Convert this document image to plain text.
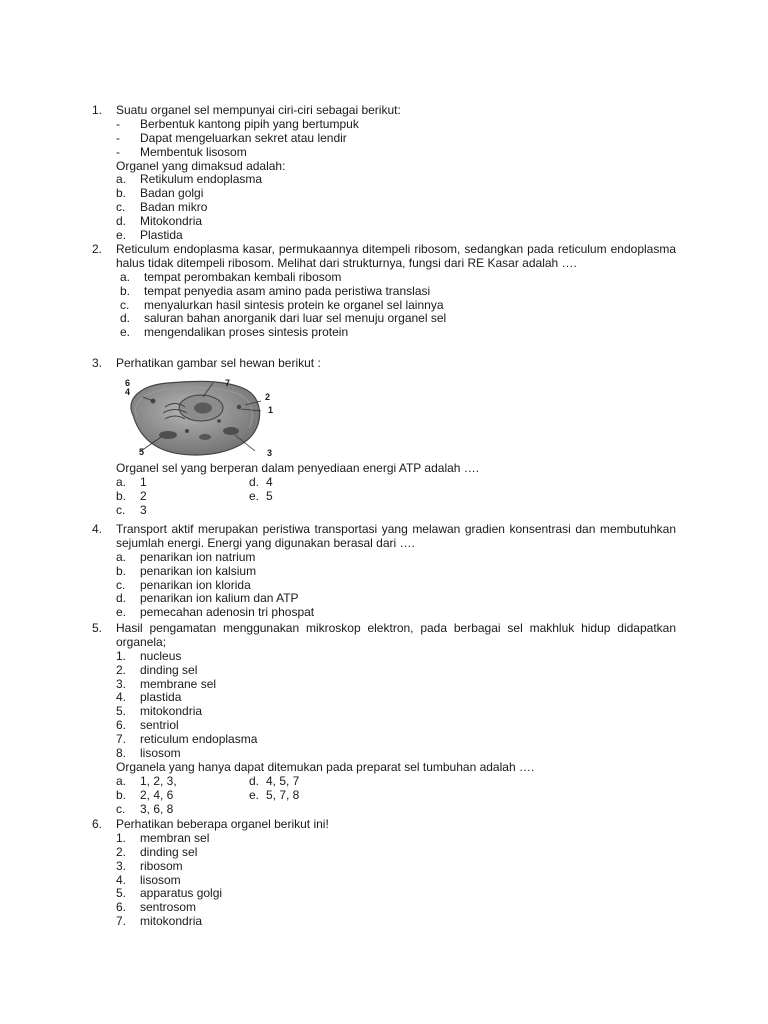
1. Suatu organel sel mempunyai ciri-ciri sebagai berikut:
- Berbentuk kantong pipih yang bertumpuk
- Dapat mengeluarkan sekret atau lendir
- Membentuk lisosom
Organel yang dimaksud adalah:
a. Retikulum endoplasma
b. Badan golgi
c. Badan mikro
d. Mitokondria
e. Plastida
2. Reticulum endoplasma kasar, permukaannya ditempeli ribosom, sedangkan pada reticulum endoplasma halus tidak ditempeli ribosom. Melihat dari strukturnya, fungsi dari RE Kasar adalah ….
a. tempat perombakan kembali ribosom
b. tempat penyedia asam amino pada peristiwa translasi
c. menyalurkan hasil sintesis protein ke organel sel lainnya
d. saluran bahan anorganik dari luar sel menuju organel sel
e. mengendalikan proses sintesis protein
3. Perhatikan gambar sel hewan berikut :
6
4
7
2
1
5	3
Organel sel yang berperan dalam penyediaan energi ATP adalah ….
a. 1	d. 4
b. 2	e. 5
c. 3
4. Transport aktif merupakan peristiwa transportasi yang melawan gradien konsentrasi dan membutuhkan sejumlah energi. Energi yang digunakan berasal dari ….
a. penarikan ion natrium
b. penarikan ion kalsium
c. penarikan ion klorida
d. penarikan ion kalium dan ATP
e. pemecahan adenosin tri phospat
5. Hasil pengamatan menggunakan mikroskop elektron, pada berbagai sel makhluk hidup didapatkan organela;
1. nucleus
2. dinding sel
3. membrane sel
4. plastida
5. mitokondria
6. sentriol
7. reticulum endoplasma
8. lisosom
Organela yang hanya dapat ditemukan pada preparat sel tumbuhan adalah ….
a. 1, 2, 3,	d. 4, 5, 7
b. 2, 4, 6	e. 5, 7, 8
c. 3, 6, 8
6. Perhatikan beberapa organel berikut ini!
1. membran sel
2. dinding sel
3. ribosom
4. lisosom
5. apparatus golgi
6. sentrosom
7. mitokondria
